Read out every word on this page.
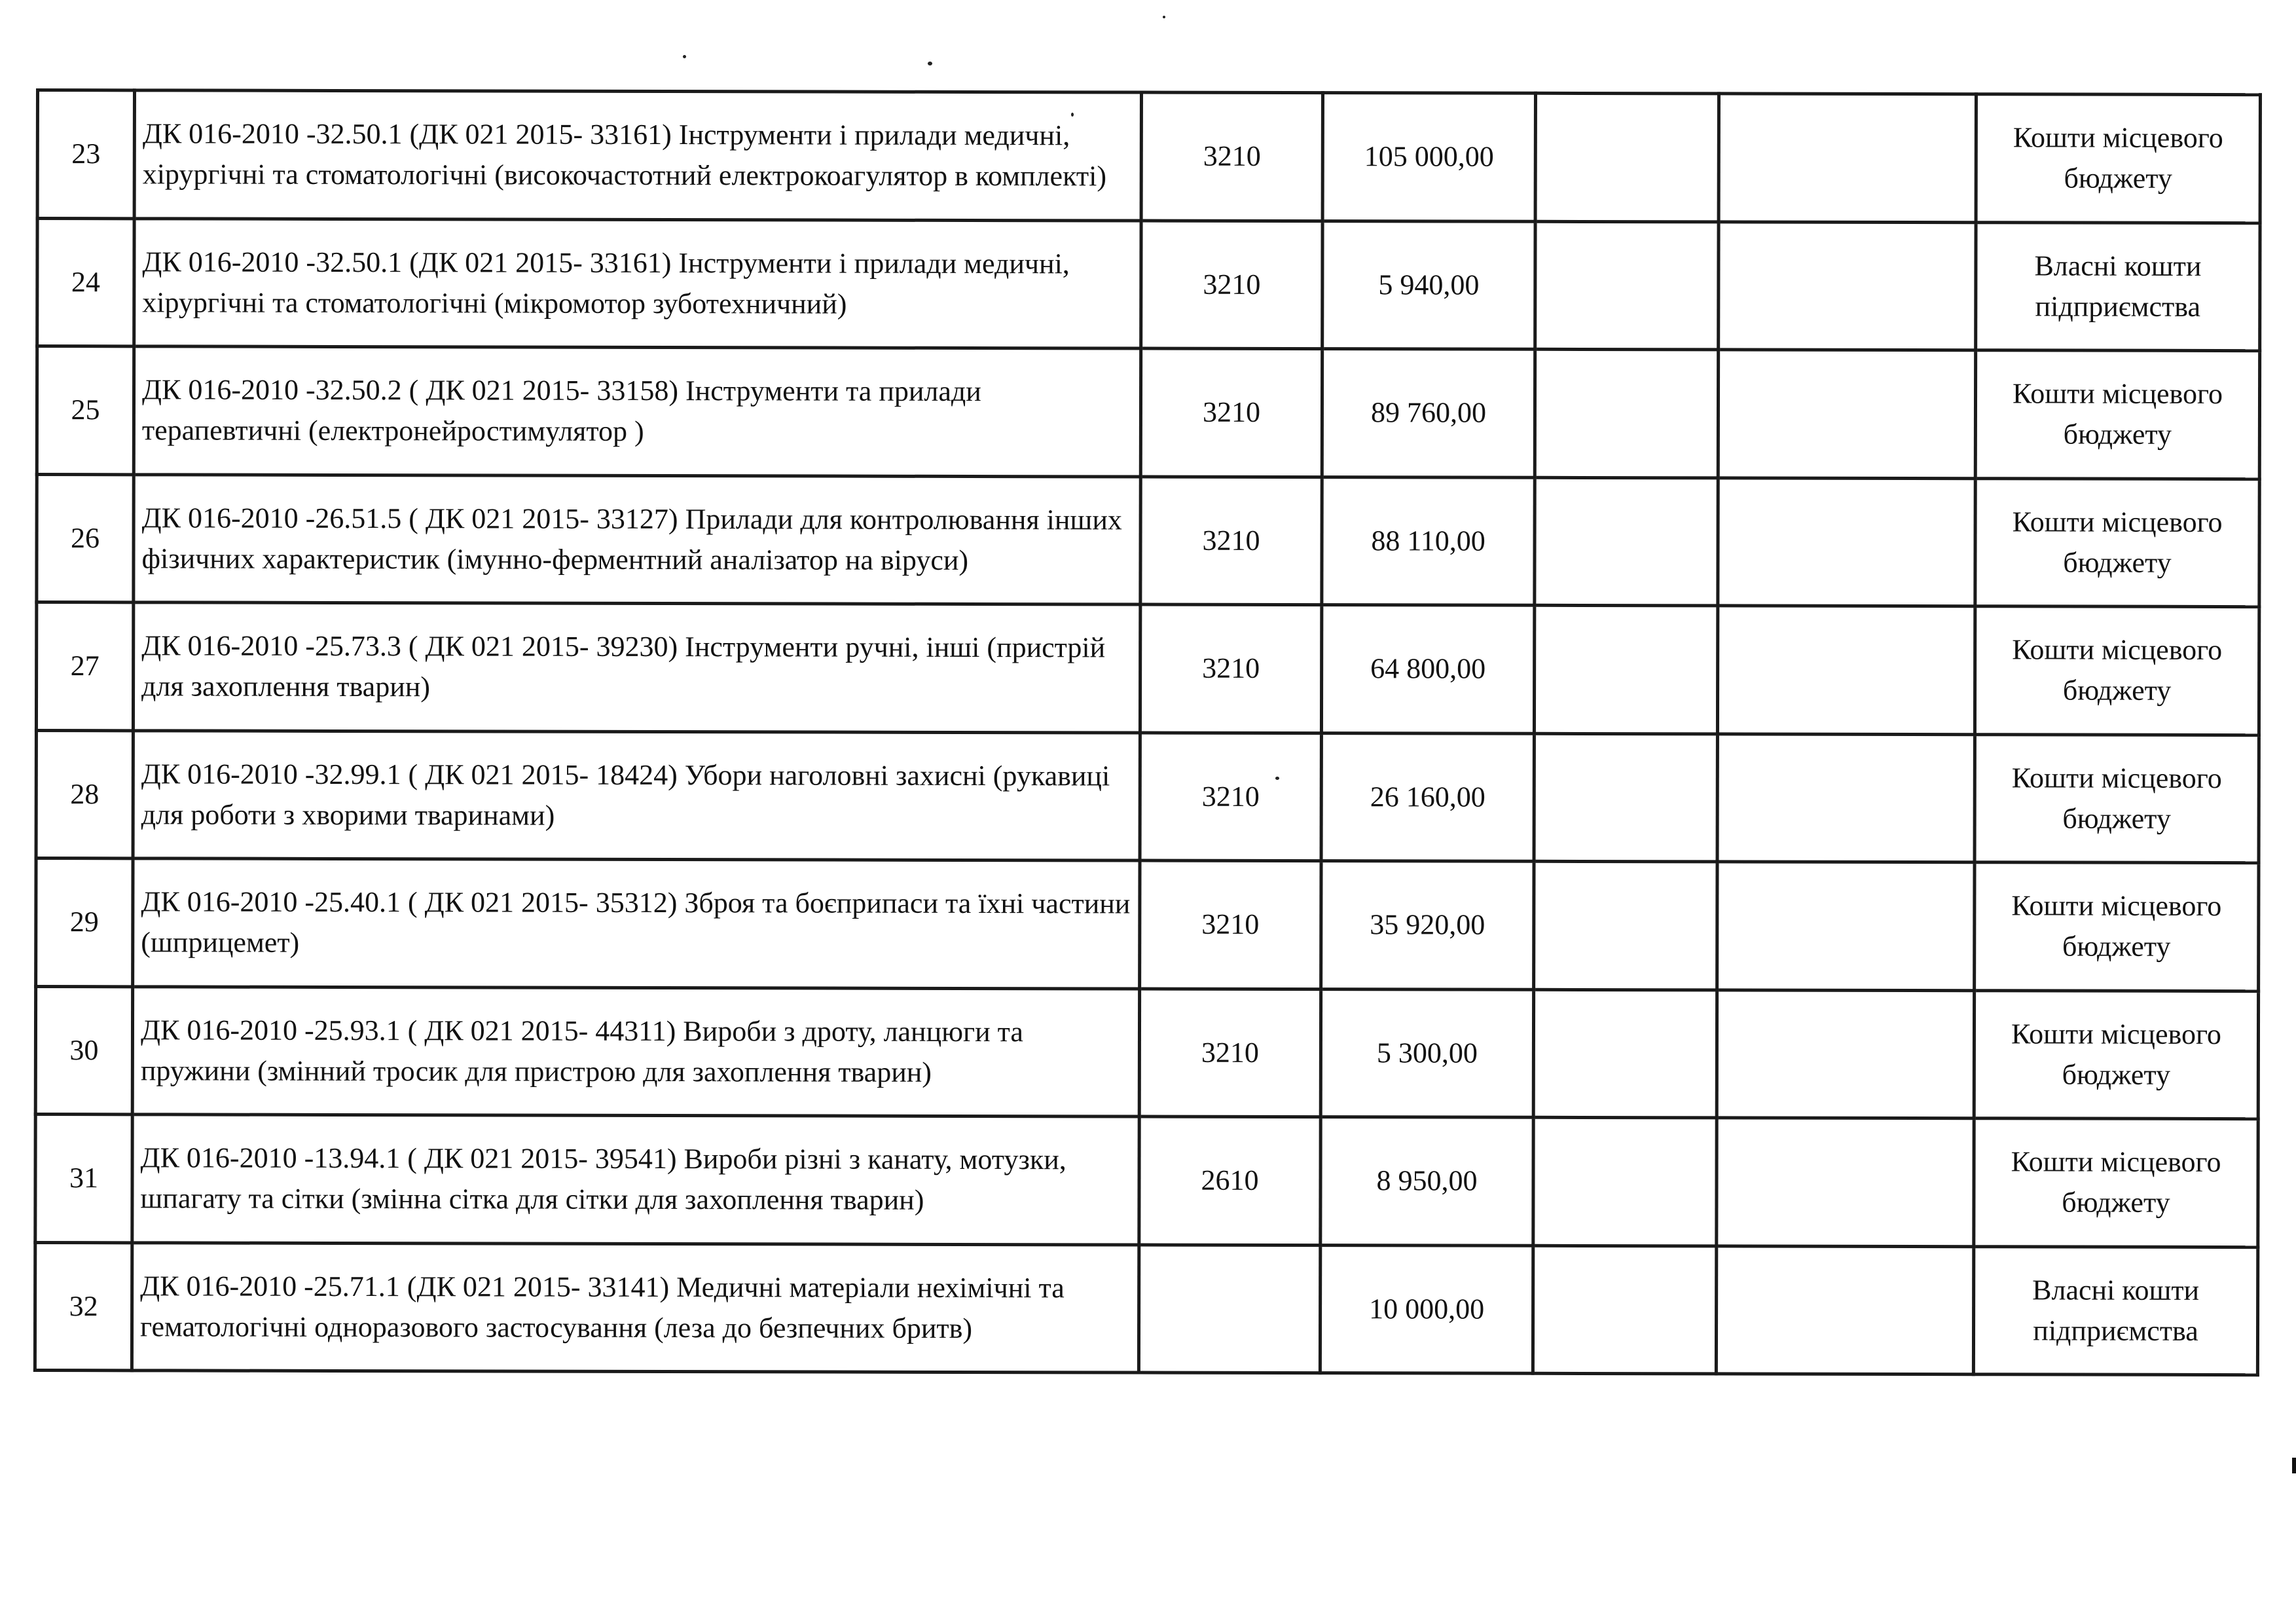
23	ДК 016-2010 -32.50.1 (ДК 021 2015- 33161) Інструменти і прилади медичні, хірургічні та стоматологічні (високочастотний електрокоагулятор в комплекті)	3210	105 000,00			Кошти місцевого бюджету
24	ДК 016-2010 -32.50.1 (ДК 021 2015- 33161) Інструменти і прилади медичні, хірургічні та стоматологічні (мікромотор зуботехничний)	3210	5 940,00			Власні кошти підприємства
25	ДК 016-2010 -32.50.2 ( ДК 021 2015- 33158) Інструменти та прилади терапевтичні (електронейростимулятор )	3210	89 760,00			Кошти місцевого бюджету
26	ДК 016-2010 -26.51.5 ( ДК 021 2015- 33127) Прилади для контролювання інших фізичних характеристик (імунно-ферментний аналізатор на віруси)	3210	88 110,00			Кошти місцевого бюджету
27	ДК 016-2010 -25.73.3 ( ДК 021 2015- 39230) Інструменти ручні, інші (пристрій для захоплення тварин)	3210	64 800,00			Кошти місцевого бюджету
28	ДК 016-2010 -32.99.1 ( ДК 021 2015- 18424) Убори наголовні захисні (рукавиці для роботи з хворими тваринами)	3210	26 160,00			Кошти місцевого бюджету
29	ДК 016-2010 -25.40.1 ( ДК 021 2015- 35312) Зброя та боєприпаси та їхні частини (шприцемет)	3210	35 920,00			Кошти місцевого бюджету
30	ДК 016-2010 -25.93.1 ( ДК 021 2015- 44311) Вироби з дроту, ланцюги та пружини (змінний тросик для пристрою для захоплення тварин)	3210	5 300,00			Кошти місцевого бюджету
31	ДК 016-2010 -13.94.1 ( ДК 021 2015- 39541) Вироби різні з канату, мотузки, шпагату та сітки (змінна сітка для сітки для захоплення тварин)	2610	8 950,00			Кошти місцевого бюджету
32	ДК 016-2010 -25.71.1 (ДК 021 2015- 33141) Медичні матеріали нехімічні та гематологічні одноразового застосування (леза до безпечних бритв)		10 000,00			Власні кошти підприємства
